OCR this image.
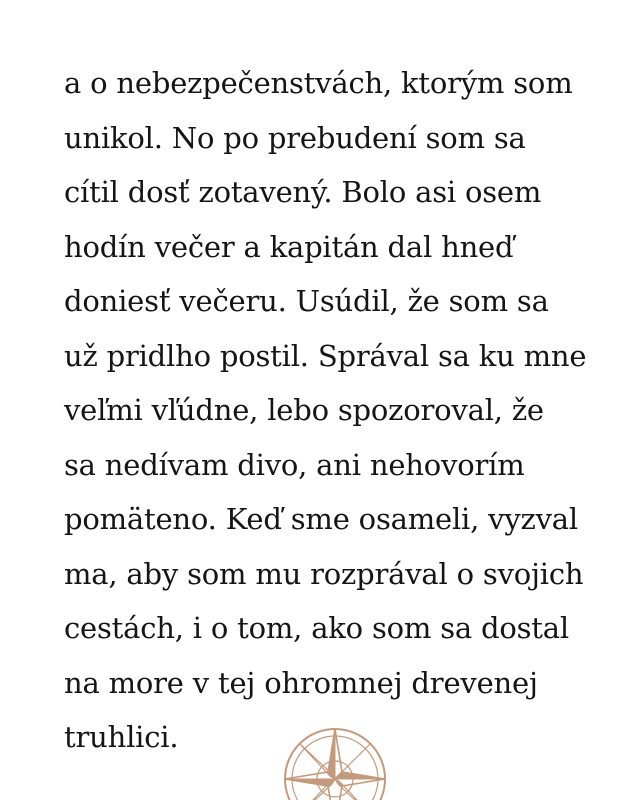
a o nebezpečenstvách, ktorým som
unikol. No po prebudení som sa
cítil dosť zotavený. Bolo asi osem
hodín večer a kapitán dal hneď
doniesť večeru. Usúdil, že som sa
už pridlho postil. Správal sa ku mne
veľmi vľúdne, lebo spozoroval, že
sa nedívam divo, ani nehovorím
pomäteno. Keď sme osameli, vyzval
ma, aby som mu rozprával o svojich
cestách, i o tom, ako som sa dostal
na more v tej ohromnej drevenej
truhlici.
